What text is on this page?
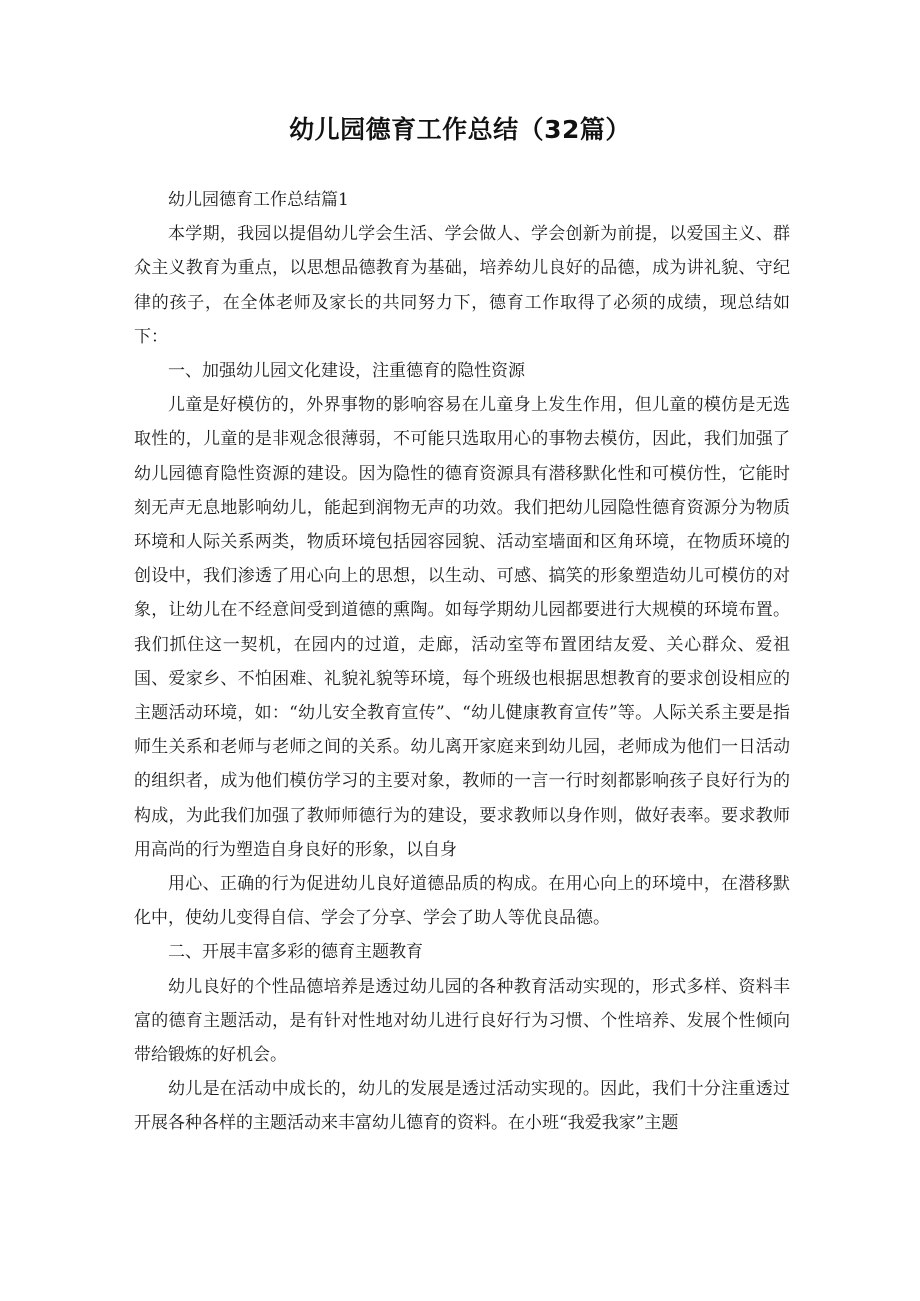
幼儿园德育工作总结（32篇）

幼儿园德育工作总结篇1

本学期，我园以提倡幼儿学会生活、学会做人、学会创新为前提，以爱国主义、群众主义教育为重点，以思想品德教育为基础，培养幼儿良好的品德，成为讲礼貌、守纪律的孩子，在全体老师及家长的共同努力下，德育工作取得了必须的成绩，现总结如下：

一、加强幼儿园文化建设，注重德育的隐性资源

儿童是好模仿的，外界事物的影响容易在儿童身上发生作用，但儿童的模仿是无选取性的，儿童的是非观念很薄弱，不可能只选取用心的事物去模仿，因此，我们加强了幼儿园德育隐性资源的建设。因为隐性的德育资源具有潜移默化性和可模仿性，它能时刻无声无息地影响幼儿，能起到润物无声的功效。我们把幼儿园隐性德育资源分为物质环境和人际关系两类，物质环境包括园容园貌、活动室墙面和区角环境，在物质环境的创设中，我们渗透了用心向上的思想，以生动、可感、搞笑的形象塑造幼儿可模仿的对象，让幼儿在不经意间受到道德的熏陶。如每学期幼儿园都要进行大规模的环境布置。我们抓住这一契机，在园内的过道，走廊，活动室等布置团结友爱、关心群众、爱祖国、爱家乡、不怕困难、礼貌礼貌等环境，每个班级也根据思想教育的要求创设相应的主题活动环境，如：“幼儿安全教育宣传”、“幼儿健康教育宣传”等。人际关系主要是指师生关系和老师与老师之间的关系。幼儿离开家庭来到幼儿园，老师成为他们一日活动的组织者，成为他们模仿学习的主要对象，教师的一言一行时刻都影响孩子良好行为的构成，为此我们加强了教师师德行为的建设，要求教师以身作则，做好表率。要求教师用高尚的行为塑造自身良好的形象，以自身

用心、正确的行为促进幼儿良好道德品质的构成。在用心向上的环境中，在潜移默化中，使幼儿变得自信、学会了分享、学会了助人等优良品德。

二、开展丰富多彩的德育主题教育

幼儿良好的个性品德培养是透过幼儿园的各种教育活动实现的，形式多样、资料丰富的德育主题活动，是有针对性地对幼儿进行良好行为习惯、个性培养、发展个性倾向带给锻炼的好机会。

幼儿是在活动中成长的，幼儿的发展是透过活动实现的。因此，我们十分注重透过开展各种各样的主题活动来丰富幼儿德育的资料。在小班“我爱我家”主题
